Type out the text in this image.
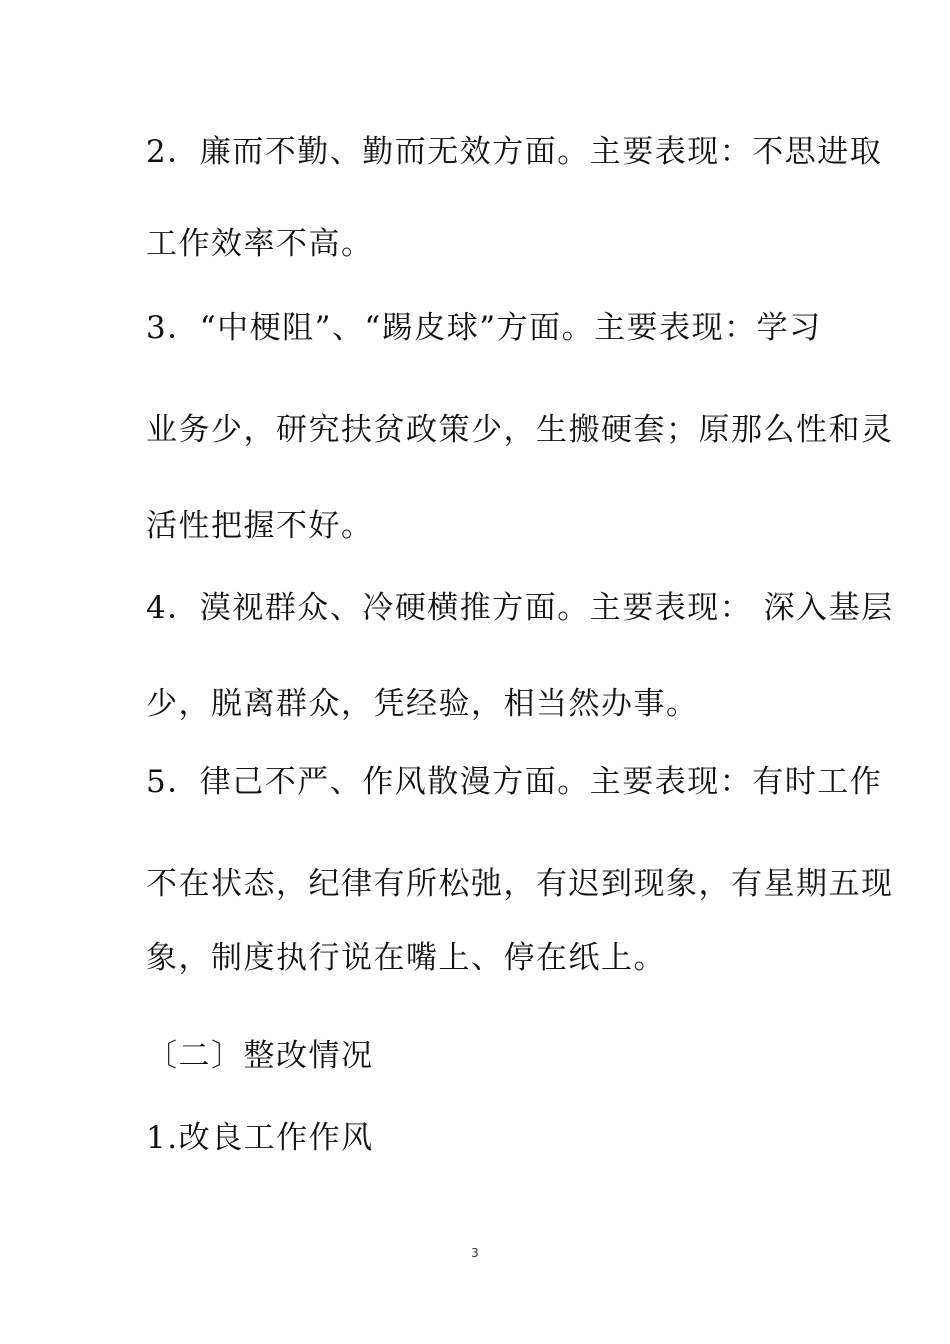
2．廉而不勤、勤而无效方面。主要表现：不思进取
工作效率不高。
3．“中梗阻”、“踢皮球”方面。主要表现：学习
业务少，研究扶贫政策少，生搬硬套；原那么性和灵
活性把握不好。
4．漠视群众、冷硬横推方面。主要表现： 深入基层
少，脱离群众，凭经验，相当然办事。
5．律己不严、作风散漫方面。主要表现：有时工作
不在状态，纪律有所松弛，有迟到现象，有星期五现
象，制度执行说在嘴上、停在纸上。
〔二〕整改情况
1.改良工作作风
3
